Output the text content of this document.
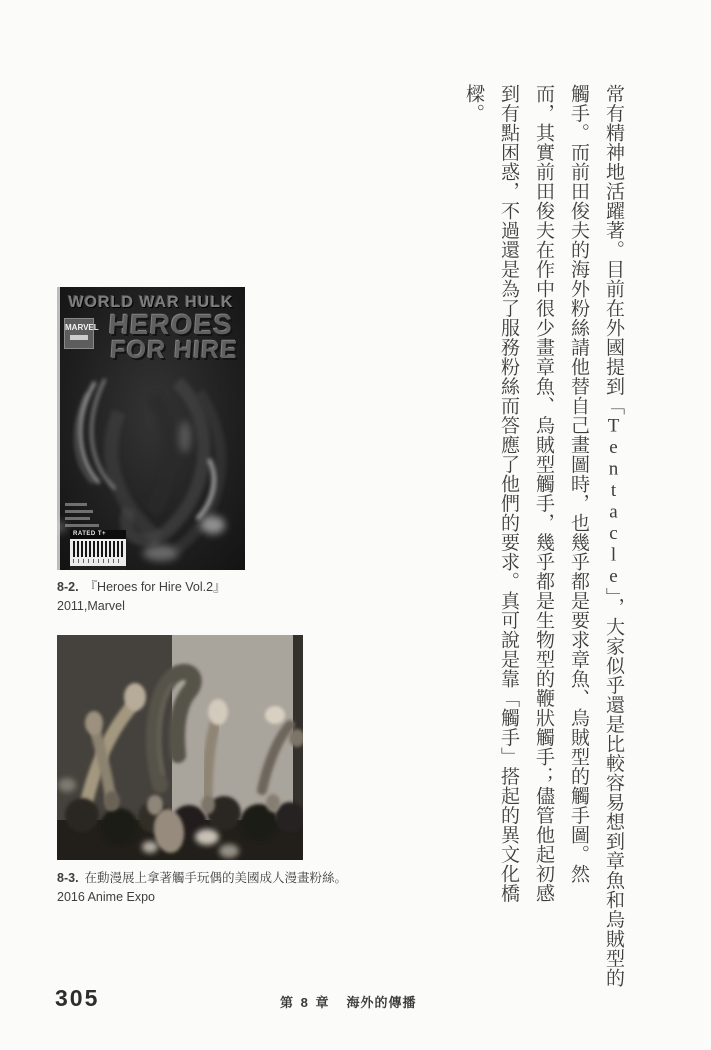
常有精神地活躍著。目前在外國提到「Tentacle」，大家似乎還是比較容易想到章魚和烏賊型的
觸手。而前田俊夫的海外粉絲請他替自己畫圖時，也幾乎都是要求章魚、烏賊型的觸手圖。然
而，其實前田俊夫在作中很少畫章魚、烏賊型觸手，幾乎都是生物型的鞭狀觸手；儘管他起初感
到有點困惑，不過還是為了服務粉絲而答應了他們的要求。真可說是靠「觸手」搭起的異文化橋
樑。
WORLD WAR HULK
MARVEL HEROES
FOR HIRE
RATED T+
8-2. 『Heroes for Hire Vol.2』
2011,Marvel
8-3. 在動漫展上拿著觸手玩偶的美國成人漫畫粉絲。
2016 Anime Expo
305	第 8 章 海外的傳播
